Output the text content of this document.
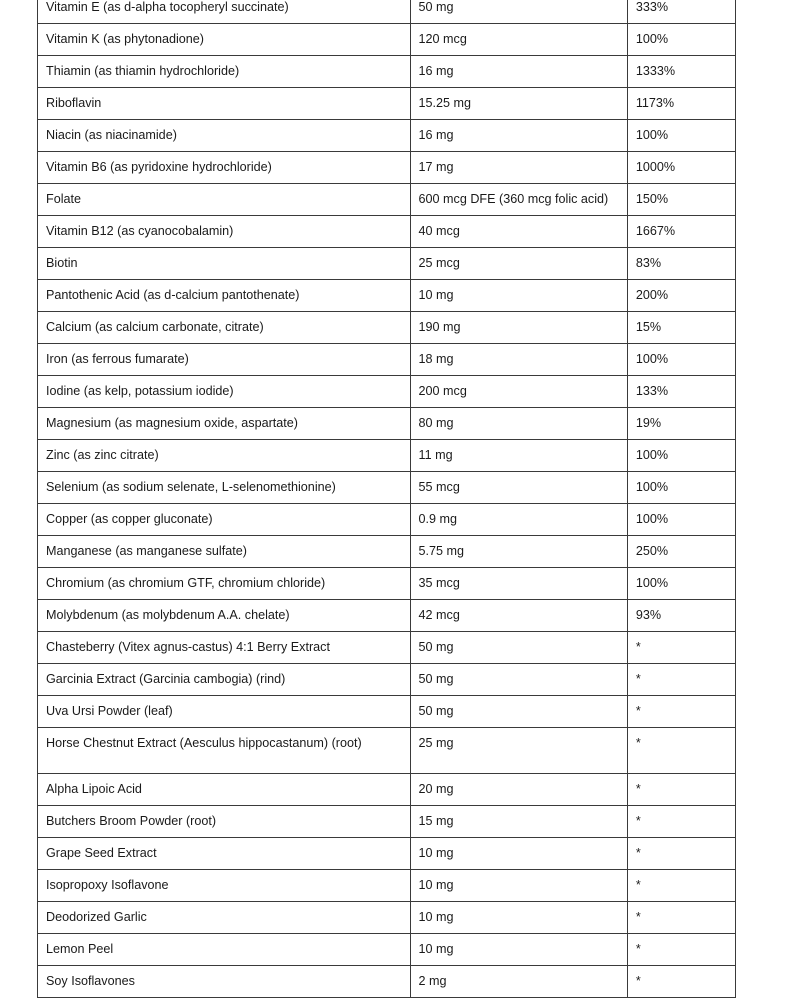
Vitamin E (as d-alpha tocopheryl succinate)	50 mg	333%
Vitamin K (as phytonadione)	120 mcg	100%
Thiamin (as thiamin hydrochloride)	16 mg	1333%
Riboflavin	15.25 mg	1173%
Niacin (as niacinamide)	16 mg	100%
Vitamin B6 (as pyridoxine hydrochloride)	17 mg	1000%
Folate	600 mcg DFE (360 mcg folic acid)	150%
Vitamin B12 (as cyanocobalamin)	40 mcg	1667%
Biotin	25 mcg	83%
Pantothenic Acid (as d-calcium pantothenate)	10 mg	200%
Calcium (as calcium carbonate, citrate)	190 mg	15%
Iron (as ferrous fumarate)	18 mg	100%
Iodine (as kelp, potassium iodide)	200 mcg	133%
Magnesium (as magnesium oxide, aspartate)	80 mg	19%
Zinc (as zinc citrate)	11 mg	100%
Selenium (as sodium selenate, L-selenomethionine)	55 mcg	100%
Copper (as copper gluconate)	0.9 mg	100%
Manganese (as manganese sulfate)	5.75 mg	250%
Chromium (as chromium GTF, chromium chloride)	35 mcg	100%
Molybdenum (as molybdenum A.A. chelate)	42 mcg	93%
Chasteberry (Vitex agnus-castus) 4:1 Berry Extract	50 mg	*
Garcinia Extract (Garcinia cambogia) (rind)	50 mg	*
Uva Ursi Powder (leaf)	50 mg	*
Horse Chestnut Extract (Aesculus hippocastanum) (root)	25 mg	*
Alpha Lipoic Acid	20 mg	*
Butchers Broom Powder (root)	15 mg	*
Grape Seed Extract	10 mg	*
Isopropoxy Isoflavone	10 mg	*
Deodorized Garlic	10 mg	*
Lemon Peel	10 mg	*
Soy Isoflavones	2 mg	*
